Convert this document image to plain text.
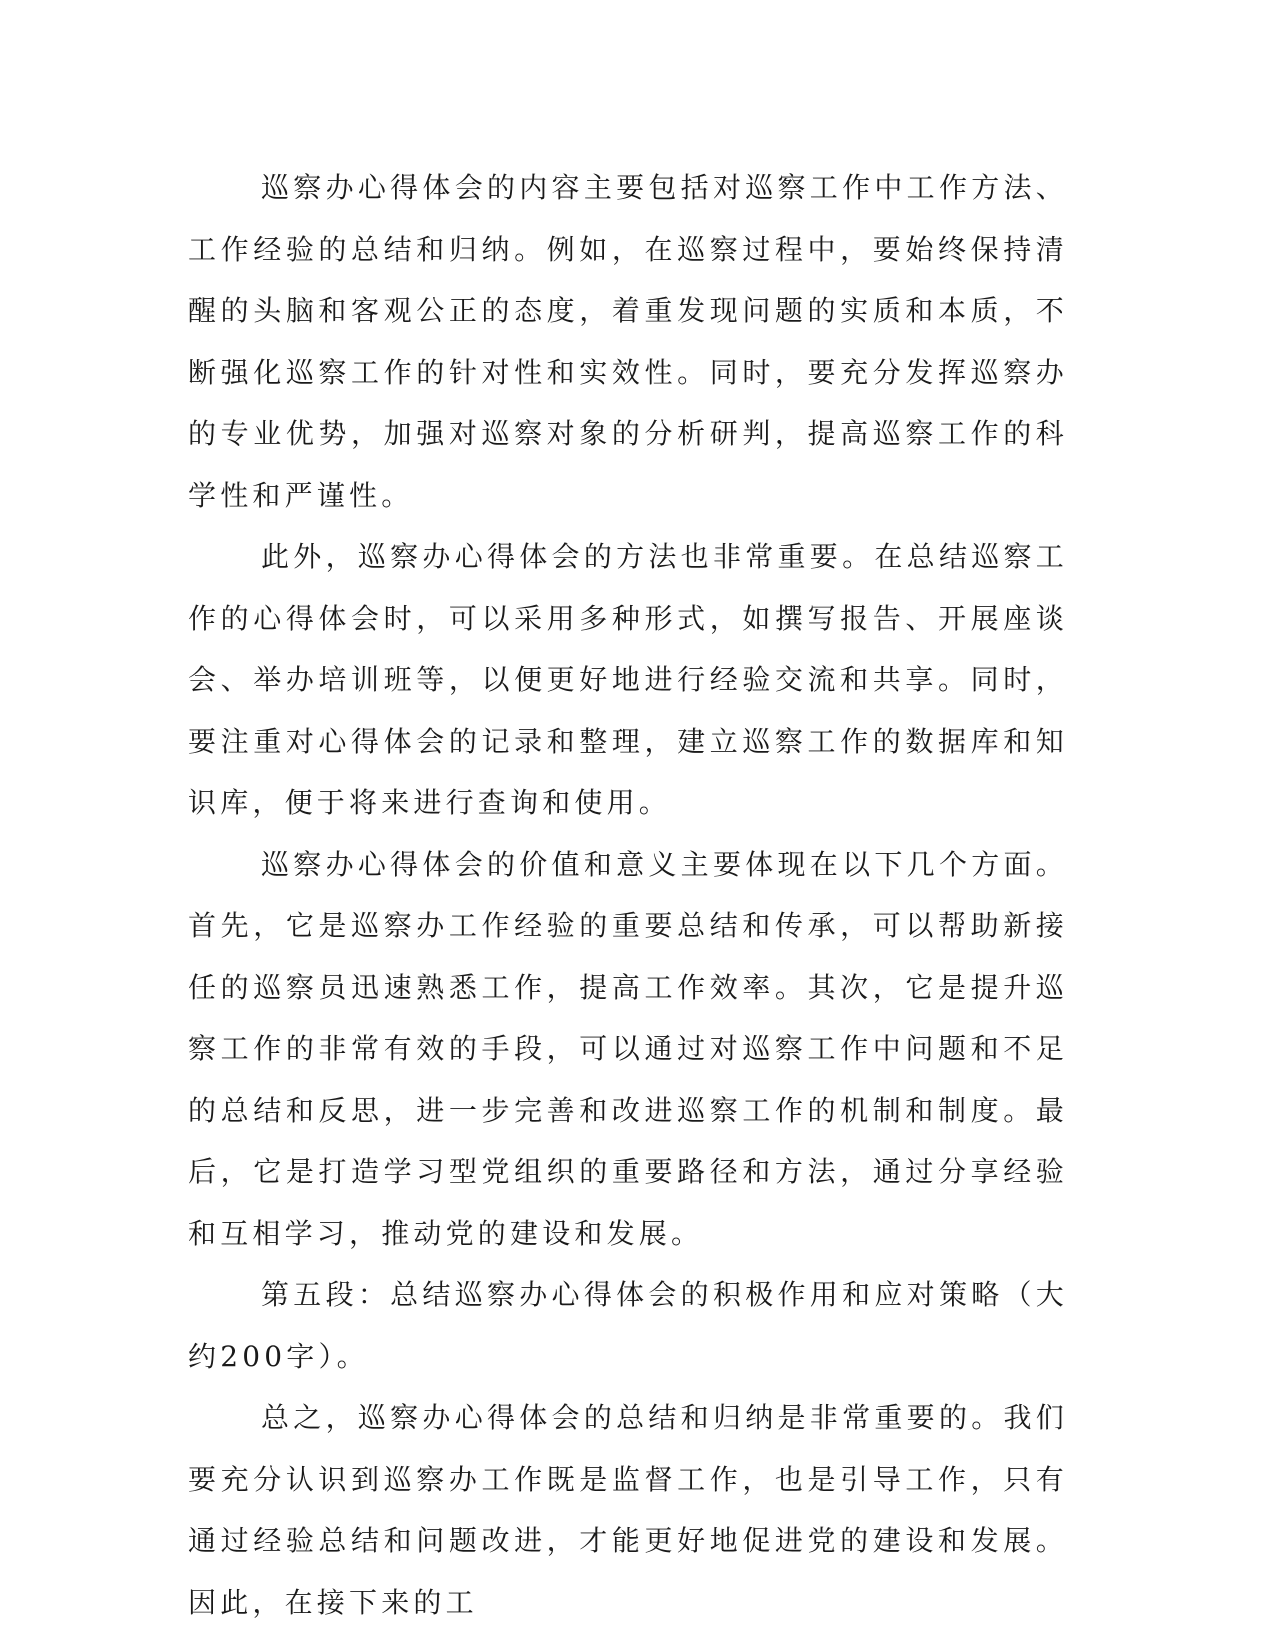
巡察办心得体会的内容主要包括对巡察工作中工作方法、工作经验的总结和归纳。例如，在巡察过程中，要始终保持清醒的头脑和客观公正的态度，着重发现问题的实质和本质，不断强化巡察工作的针对性和实效性。同时，要充分发挥巡察办的专业优势，加强对巡察对象的分析研判，提高巡察工作的科学性和严谨性。

此外，巡察办心得体会的方法也非常重要。在总结巡察工作的心得体会时，可以采用多种形式，如撰写报告、开展座谈会、举办培训班等，以便更好地进行经验交流和共享。同时，要注重对心得体会的记录和整理，建立巡察工作的数据库和知识库，便于将来进行查询和使用。

巡察办心得体会的价值和意义主要体现在以下几个方面。首先，它是巡察办工作经验的重要总结和传承，可以帮助新接任的巡察员迅速熟悉工作，提高工作效率。其次，它是提升巡察工作的非常有效的手段，可以通过对巡察工作中问题和不足的总结和反思，进一步完善和改进巡察工作的机制和制度。最后，它是打造学习型党组织的重要路径和方法，通过分享经验和互相学习，推动党的建设和发展。

第五段：总结巡察办心得体会的积极作用和应对策略（大约200字）。

总之，巡察办心得体会的总结和归纳是非常重要的。我们要充分认识到巡察办工作既是监督工作，也是引导工作，只有通过经验总结和问题改进，才能更好地促进党的建设和发展。因此，在接下来的工
